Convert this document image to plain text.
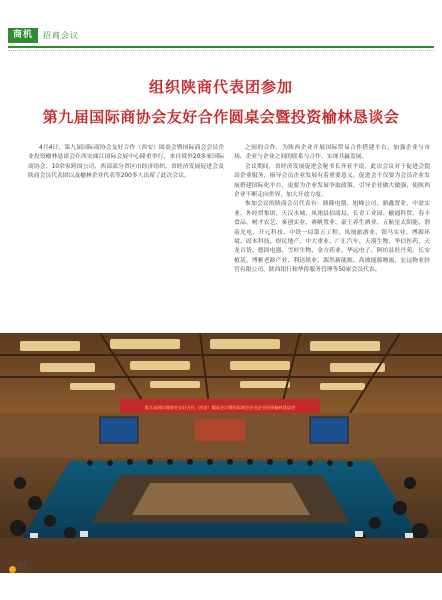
商机	招商会议
组织陕商代表团参加
第九届国际商协会友好合作圆桌会暨投资榆林恳谈会

4月4日，第九届国际商协会友好合作（西安）圆桌会暨国际商会会员企业投资榆林恳谈会在西安曲江国际会展中心隆重举行，来自境外20多家国际商协会、10余家跨国公司、西部部分省区市经济组织、省经济发展促进会及陕商会员代表团以及榆林企业代表等200多人出席了此次会议。

之间的合作，为陕西企业开展国际贸易合作搭建平台，加强企业与市场、企业与企业之间的联系与合作，实现共赢发展。

会议期间，省经济发展促进会秘书长齐亚平说，此次会议对于促进会提高企业服务，指导会员企业发展有着重要意义。促进会不仅要为会员企业发展搭建国际化平台，更要为企业发展争取政策、引导企业做大做强，使陕西企业不断走向世界，加大开放力度。

参加会议的陕商会员代表有：鼎隆电器、旭峰公司、鼎鑫置业、中盈实业、外经贸集团、天汉水城、凤翔县招商局、长青工业园、榆通科贸、春丰食品、树才农艺、秦创实业、赛帆置业、豪王养生酒业、五航星太阳能、渭南光电、开元科技、中铁一局第五工程、凤凰旅游业、银马实业、博源环境、固本科技、煜民地产、中大重业、广汇汽车、天漠生物、华信医药、天龙百货、德固电器、雪杉生物、金方药业、华远电子、阿坊县牡丹苑、长安植基、博雅老龄产业、利达纸业、源然新能源、高坡能源物流、宏远物业经营有限公司、陕西银行和华侨服务管理等50家会员代表。

第九届国际商协会友好合作（西安）圆桌会议暨国际商会会员企业投资榆林恳谈会
52
